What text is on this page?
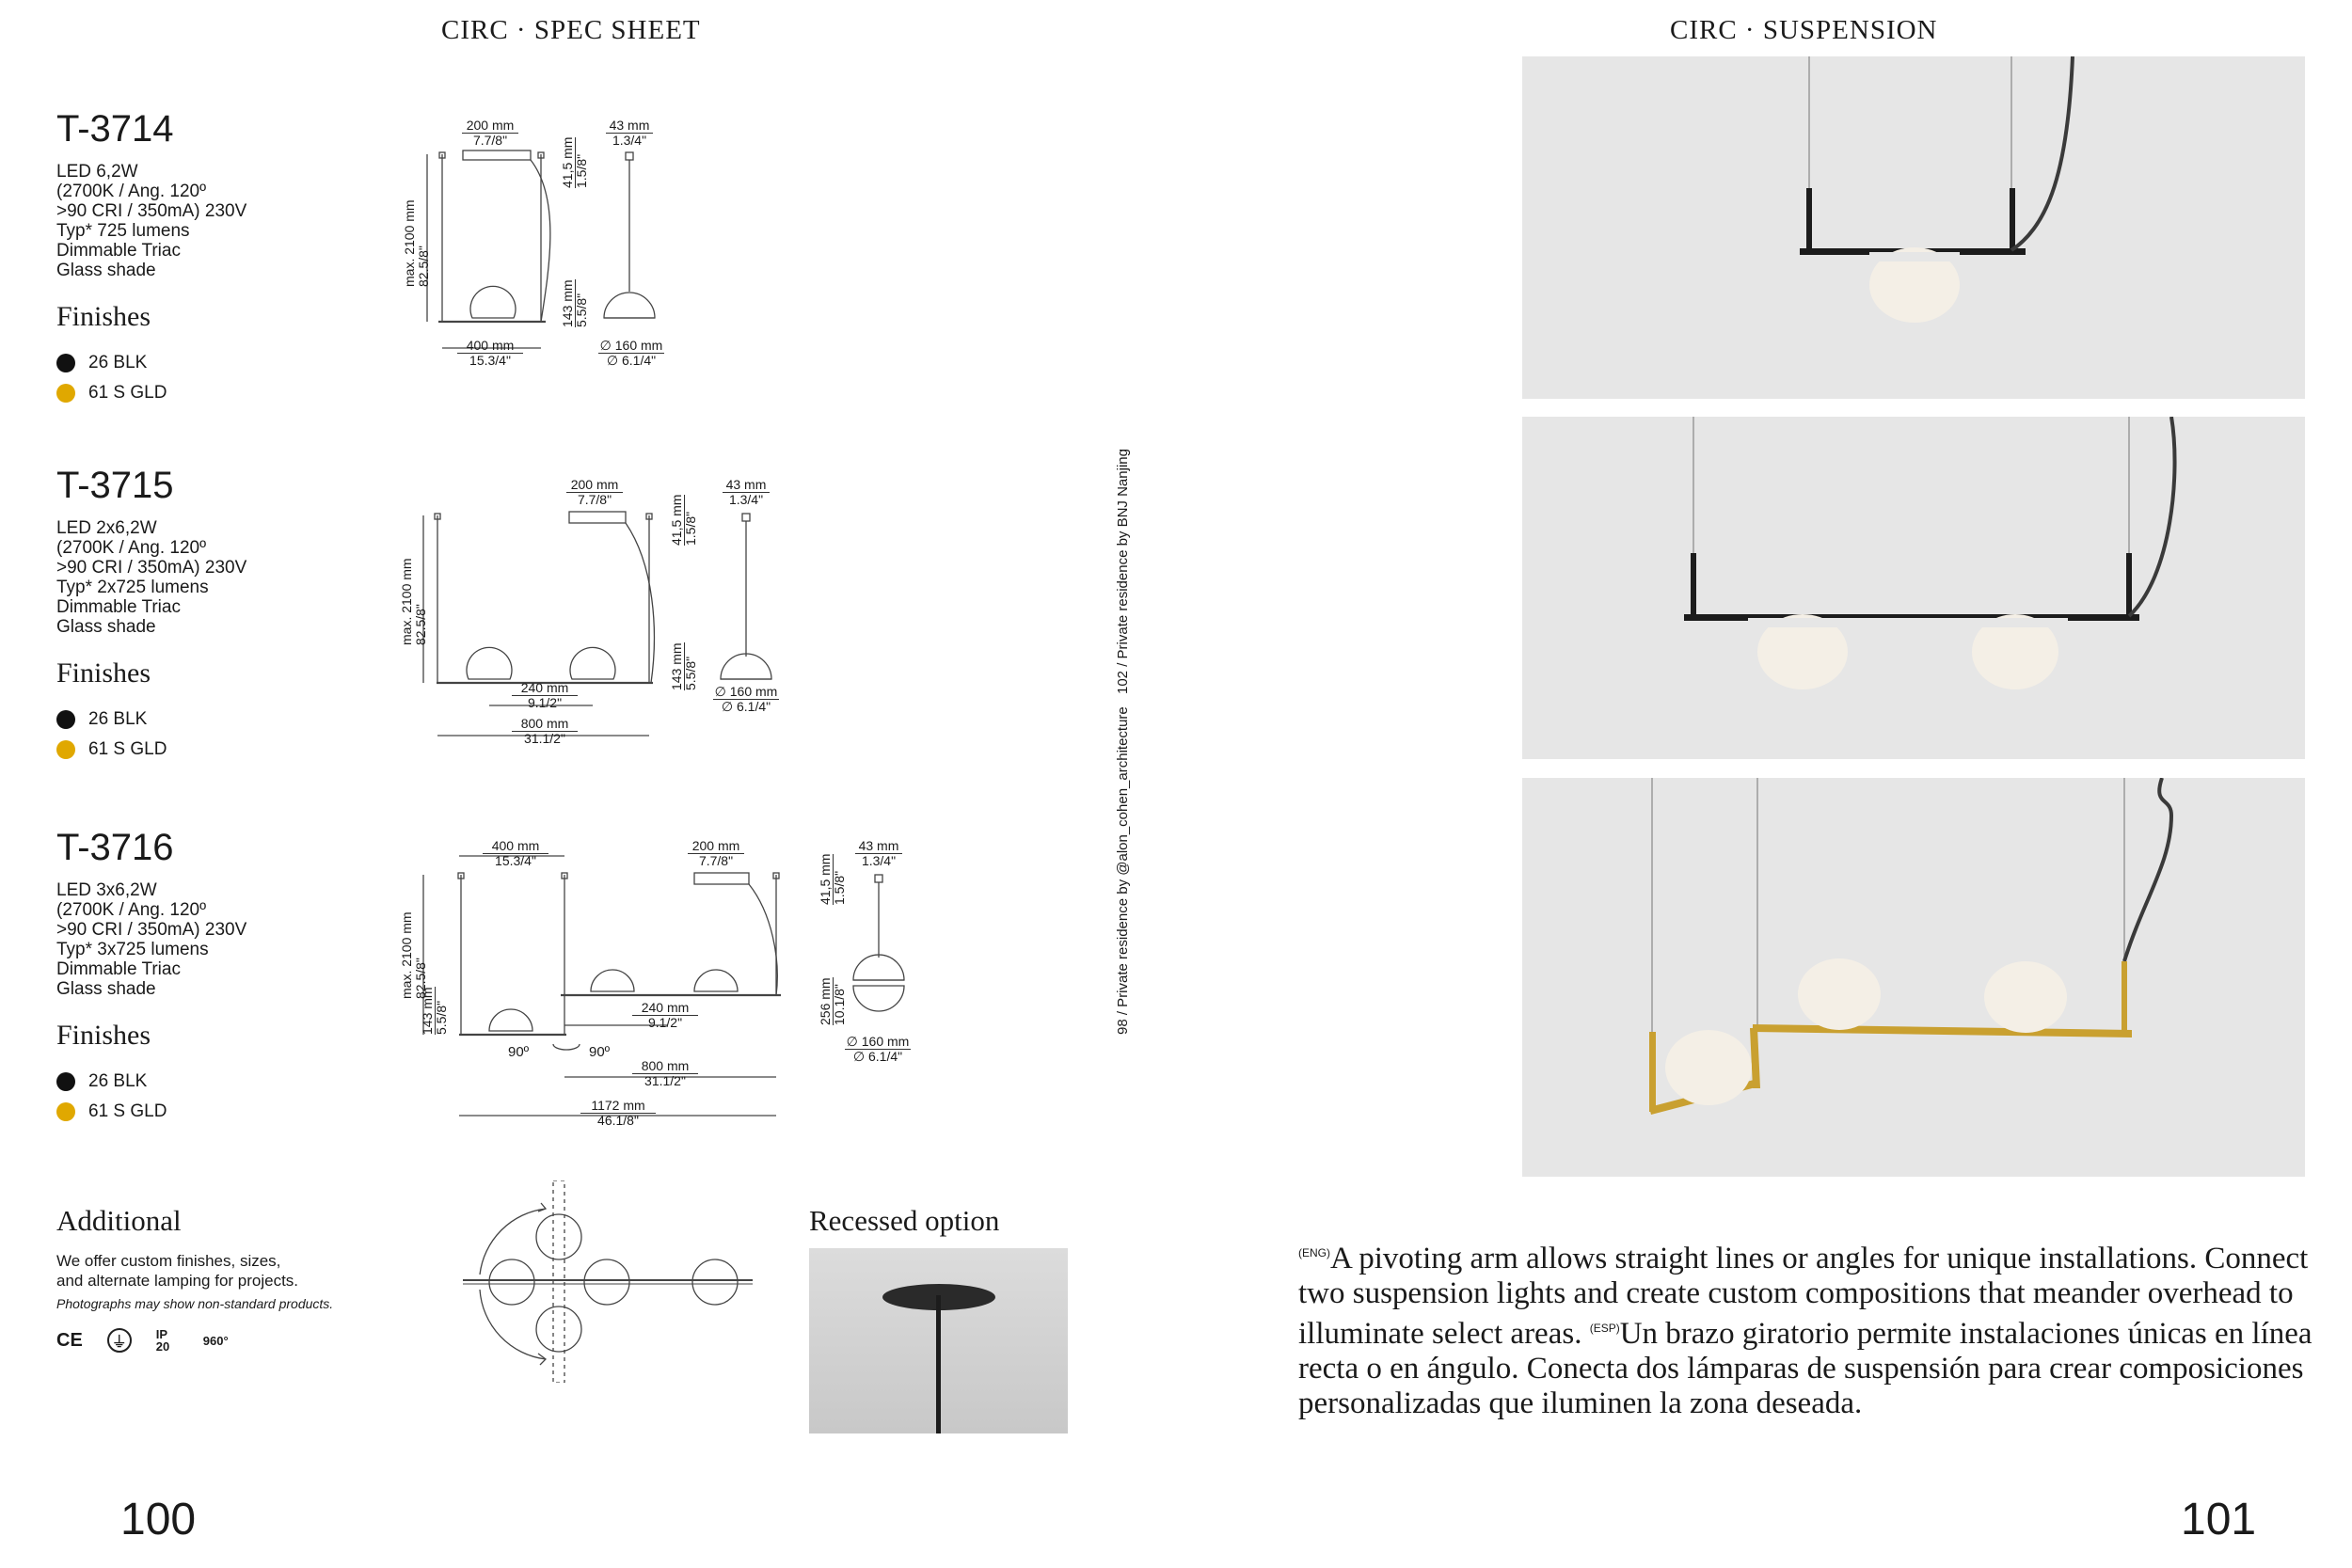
CIRC · SPEC SHEET
T-3714
LED 6,2W
(2700K / Ang. 120º
>90 CRI / 350mA) 230V
Typ* 725 lumens
Dimmable Triac
Glass shade
Finishes
26 BLK
61 S GLD
200 mm
7.7/8"
43 mm
1.3/4"
41,5 mm
1.5/8"
max. 2100 mm
82.5/8"
143 mm
5.5/8"
400 mm
15.3/4"
∅ 160 mm
∅ 6.1/4"
T-3715
LED 2x6,2W
(2700K / Ang. 120º
>90 CRI / 350mA) 230V
Typ* 2x725 lumens
Dimmable Triac
Glass shade
Finishes
26 BLK
61 S GLD
200 mm
7.7/8"
43 mm
1.3/4"
41,5 mm
1.5/8"
max. 2100 mm
82.5/8"
143 mm
5.5/8"
240 mm
9.1/2"
800 mm
31.1/2"
∅ 160 mm
∅ 6.1/4"
T-3716
LED 3x6,2W
(2700K / Ang. 120º
>90 CRI / 350mA) 230V
Typ* 3x725 lumens
Dimmable Triac
Glass shade
Finishes
26 BLK
61 S GLD
400 mm
15.3/4"
200 mm
7.7/8"
43 mm
1.3/4"
41,5 mm
1.5/8"
max. 2100 mm
82.5/8"
143 mm
5.5/8"	256 mm
10.1/8"
240 mm
9.1/2"
90º	90º
800 mm
31.1/2"
1172 mm
46.1/8"
∅ 160 mm
∅ 6.1/4"
102 / Private residence by BNJ Nanjing
98 / Private residence by @alon_cohen_architecture
Additional
We offer custom finishes, sizes,
and alternate lamping for projects.
Photographs may show non-standard products.
CE	⏚	IP 20	960°
Recessed option
100
CIRC · SUSPENSION
$^{(ENG)}$A pivoting arm allows straight lines or angles for unique installations. Connect two suspension lights and create custom compositions that meander overhead to illuminate select areas. $^{(ESP)}$Un brazo giratorio permite instalaciones únicas en línea recta o en ángulo. Conecta dos lámparas de suspensión para crear composiciones personalizadas que iluminen la zona deseada.
101
